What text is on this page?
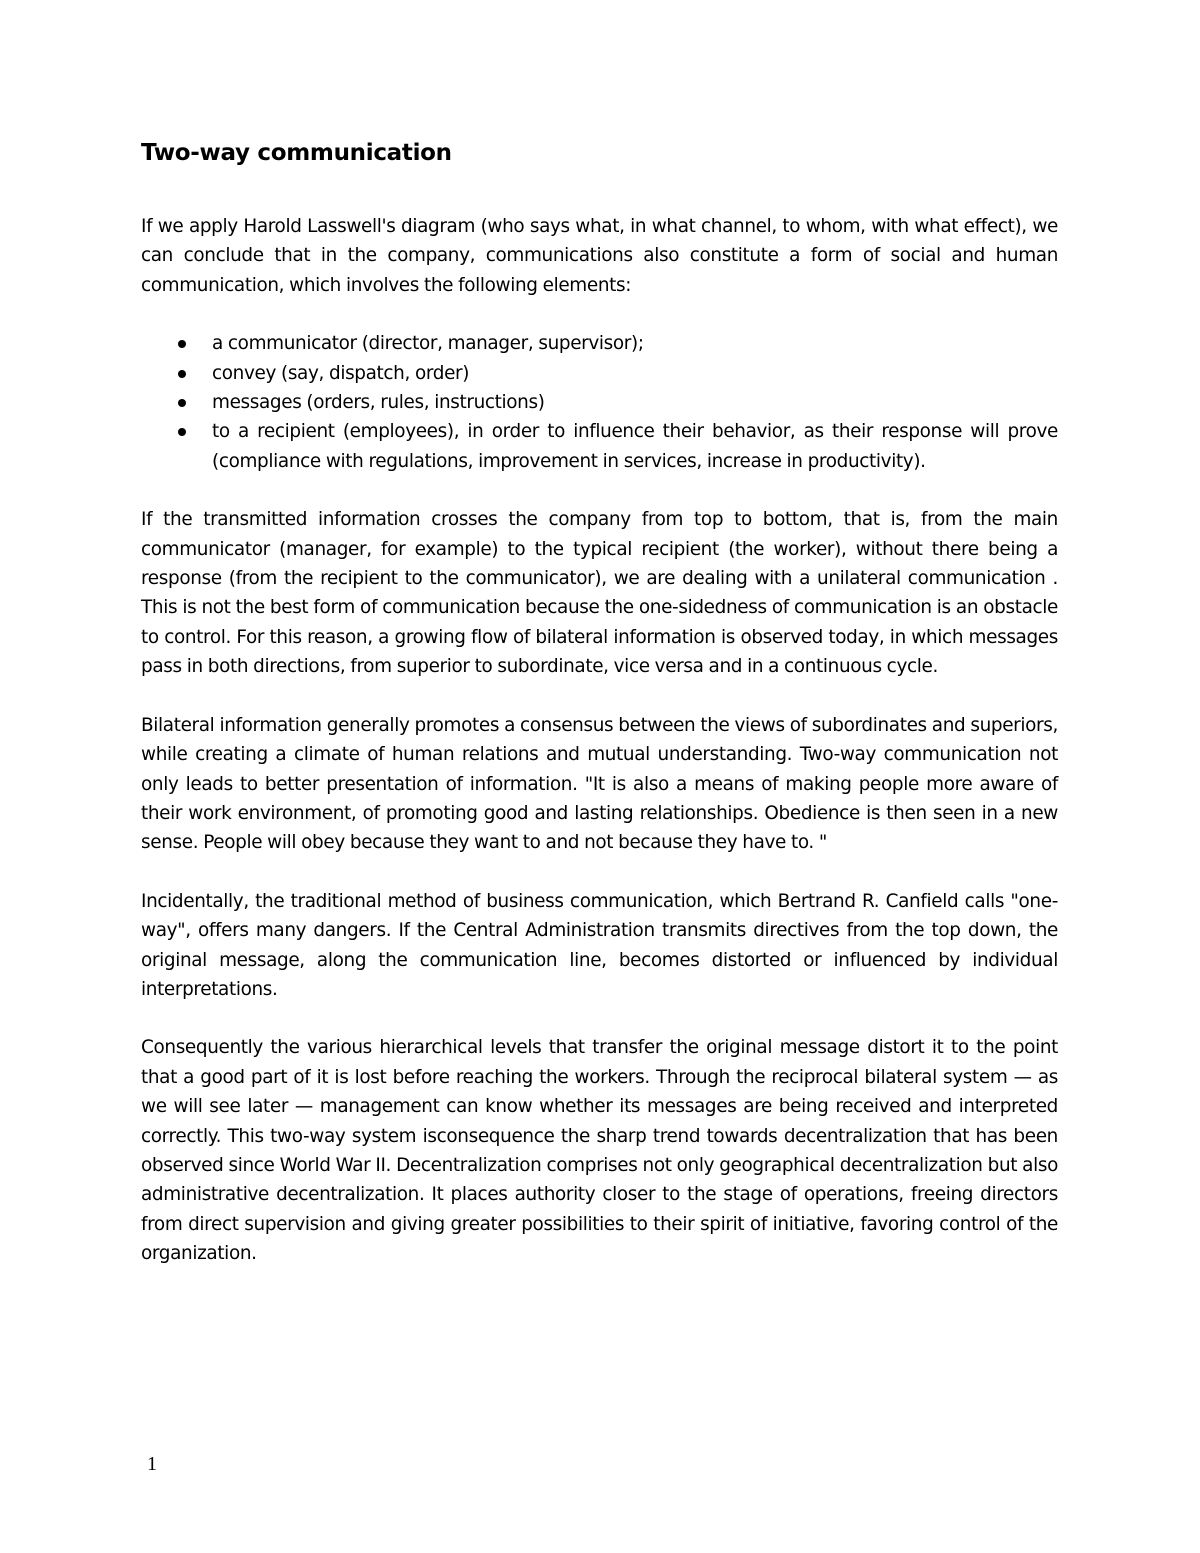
Two-way communication

If we apply Harold Lasswell's diagram (who says what, in what channel, to whom, with what effect), we can conclude that in the company, communications also constitute a form of social and human communication, which involves the following elements:

a communicator (director, manager, supervisor);
convey (say, dispatch, order)
messages (orders, rules, instructions)
to a recipient (employees), in order to influence their behavior, as their response will prove (compliance with regulations, improvement in services, increase in productivity).

If the transmitted information crosses the company from top to bottom, that is, from the main communicator (manager, for example) to the typical recipient (the worker), without there being a response (from the recipient to the communicator), we are dealing with a unilateral communication . This is not the best form of communication because the one-sidedness of communication is an obstacle to control. For this reason, a growing flow of bilateral information is observed today, in which messages pass in both directions, from superior to subordinate, vice versa and in a continuous cycle.

Bilateral information generally promotes a consensus between the views of subordinates and superiors, while creating a climate of human relations and mutual understanding. Two-way communication not only leads to better presentation of information. "It is also a means of making people more aware of their work environment, of promoting good and lasting relationships. Obedience is then seen in a new sense. People will obey because they want to and not because they have to. "

Incidentally, the traditional method of business communication, which Bertrand R. Canfield calls "one-way", offers many dangers. If the Central Administration transmits directives from the top down, the original message, along the communication line, becomes distorted or influenced by individual interpretations.

Consequently the various hierarchical levels that transfer the original message distort it to the point that a good part of it is lost before reaching the workers. Through the reciprocal bilateral system — as we will see later — management can know whether its messages are being received and interpreted correctly. This two-way system isconsequence the sharp trend towards decentralization that has been observed since World War II. Decentralization comprises not only geographical decentralization but also administrative decentralization. It places authority closer to the stage of operations, freeing directors from direct supervision and giving greater possibilities to their spirit of initiative, favoring control of the organization.

1
